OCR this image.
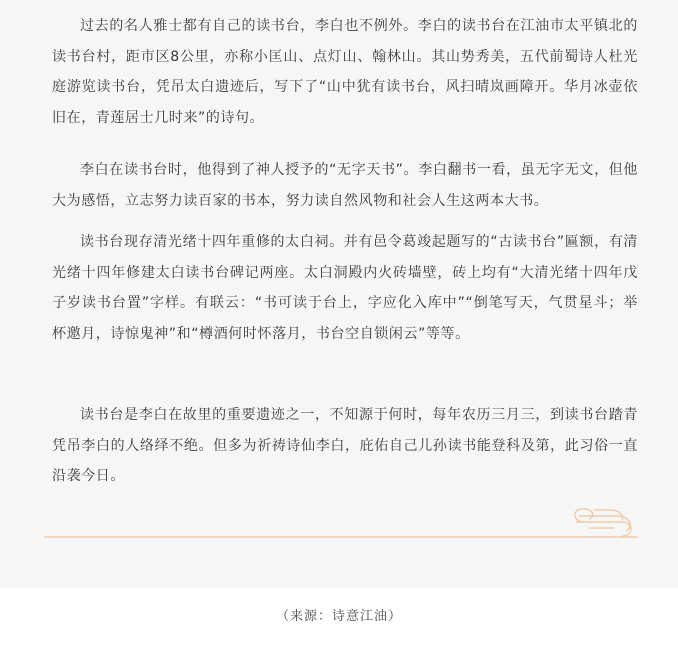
过去的名人雅士都有自己的读书台，李白也不例外。李白的读书台在江油市太平镇北的读书台村，距市区8公里，亦称小匡山、点灯山、翰林山。其山势秀美，五代前蜀诗人杜光庭游览读书台，凭吊太白遗迹后，写下了“山中犹有读书台，风扫晴岚画障开。华月冰壶依旧在，青莲居士几时来”的诗句。

李白在读书台时，他得到了神人授予的“无字天书”。李白翻书一看，虽无字无文，但他大为感悟，立志努力读百家的书本，努力读自然风物和社会人生这两本大书。

读书台现存清光绪十四年重修的太白祠。并有邑令葛竣起题写的“古读书台”匾额，有清光绪十四年修建太白读书台碑记两座。太白洞殿内火砖墙壁，砖上均有“大清光绪十四年戊子岁读书台置”字样。有联云：“书可读于台上，字应化入库中”“倒笔写天，气贯星斗；举杯邀月，诗惊鬼神”和“樽酒何时怀落月，书台空自锁闲云”等等。

读书台是李白在故里的重要遗迹之一，不知源于何时，每年农历三月三，到读书台踏青凭吊李白的人络绎不绝。但多为祈祷诗仙李白，庇佑自己儿孙读书能登科及第，此习俗一直沿袭今日。

（来源：诗意江油）
